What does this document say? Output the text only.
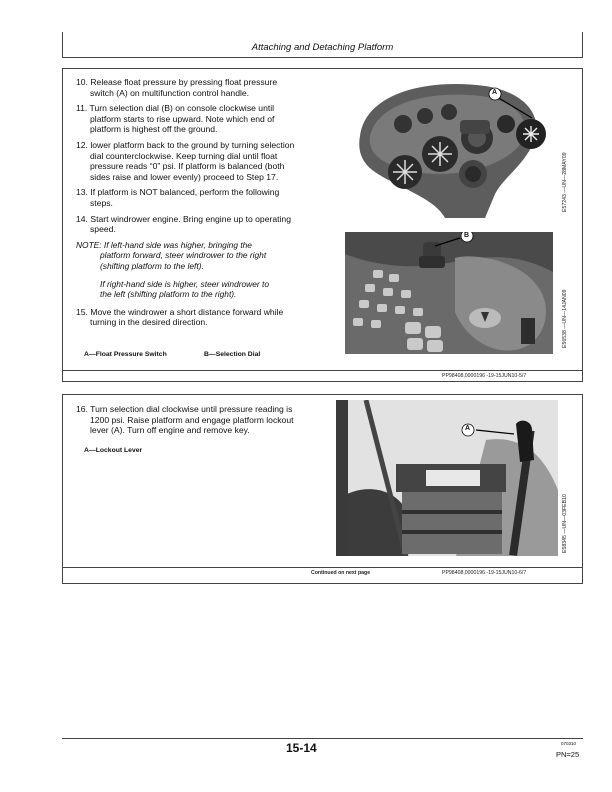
Attaching and Detaching Platform
10. Release float pressure by pressing float pressure
switch (A) on multifunction control handle.
11. Turn selection dial (B) on console clockwise until
platform starts to rise upward. Note which end of
platform is highest off the ground.
12. lower platform back to the ground by turning selection
dial counterclockwise. Keep turning dial until float
pressure reads “0” psi. If platform is balanced (both
sides raise and lower evenly) proceed to Step 17.
13. If platform is NOT balanced, perform the following
steps.
14. Start windrower engine. Bring engine up to operating
speed.
NOTE: If left-hand side was higher, bringing the
platform forward, steer windrower to the right
(shifting platform to the left).
If right-hand side is higher, steer windrower to
the left (shifting platform to the right).
15. Move the windrower a short distance forward while
turning in the desired direction.
A—Float Pressure Switch	B—Selection Dial
A
E57243 —UN—28MAY09
B
E56538 —UN—14JAN09
PP98408,0000196 -19-15JUN10-5/7
16. Turn selection dial clockwise until pressure reading is
1200 psi. Raise platform and engage platform lockout
lever (A). Turn off engine and remove key.
A—Lockout Lever
A
E58345 —UN—03FEB10
Continued on next page	PP98408,0000196 -19-15JUN10-6/7
15-14	070310
PN=25
